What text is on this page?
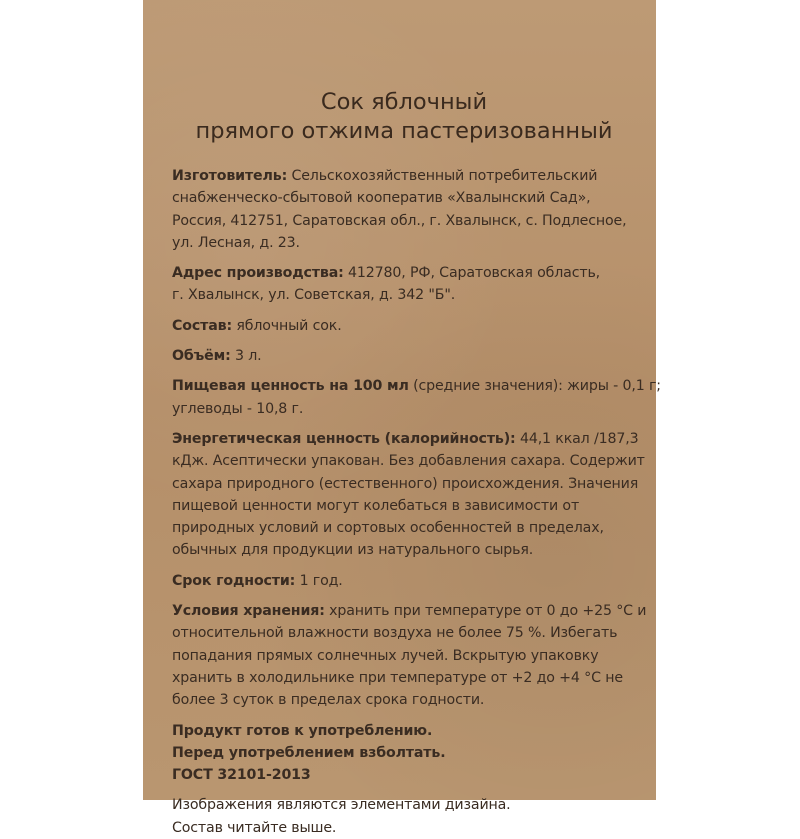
Сок яблочный
прямого отжима пастеризованный
Изготовитель: Сельскохозяйственный потребительский
снабженческо-сбытовой кооператив «Хвалынский Сад»,
Россия, 412751, Саратовская обл., г. Хвалынск, с. Подлесное,
ул. Лесная, д. 23.
Адрес производства: 412780, РФ, Саратовская область,
г. Хвалынск, ул. Советская, д. 342 "Б".
Состав: яблочный сок.
Объём: 3 л.
Пищевая ценность на 100 мл (средние значения): жиры - 0,1 г;
углеводы - 10,8 г.
Энергетическая ценность (калорийность): 44,1 ккал /187,3
кДж. Асептически упакован. Без добавления сахара. Содержит
сахара природного (естественного) происхождения. Значения
пищевой ценности могут колебаться в зависимости от
природных условий и сортовых особенностей в пределах,
обычных для продукции из натурального сырья.
Срок годности: 1 год.
Условия хранения: хранить при температуре от 0 до +25 °С и
относительной влажности воздуха не более 75 %. Избегать
попадания прямых солнечных лучей. Вскрытую упаковку
хранить в холодильнике при температуре от +2 до +4 °С не
более 3 суток в пределах срока годности.
Продукт готов к употреблению.
Перед употреблением взболтать.
ГОСТ 32101-2013
Изображения являются элементами дизайна.
Состав читайте выше.
